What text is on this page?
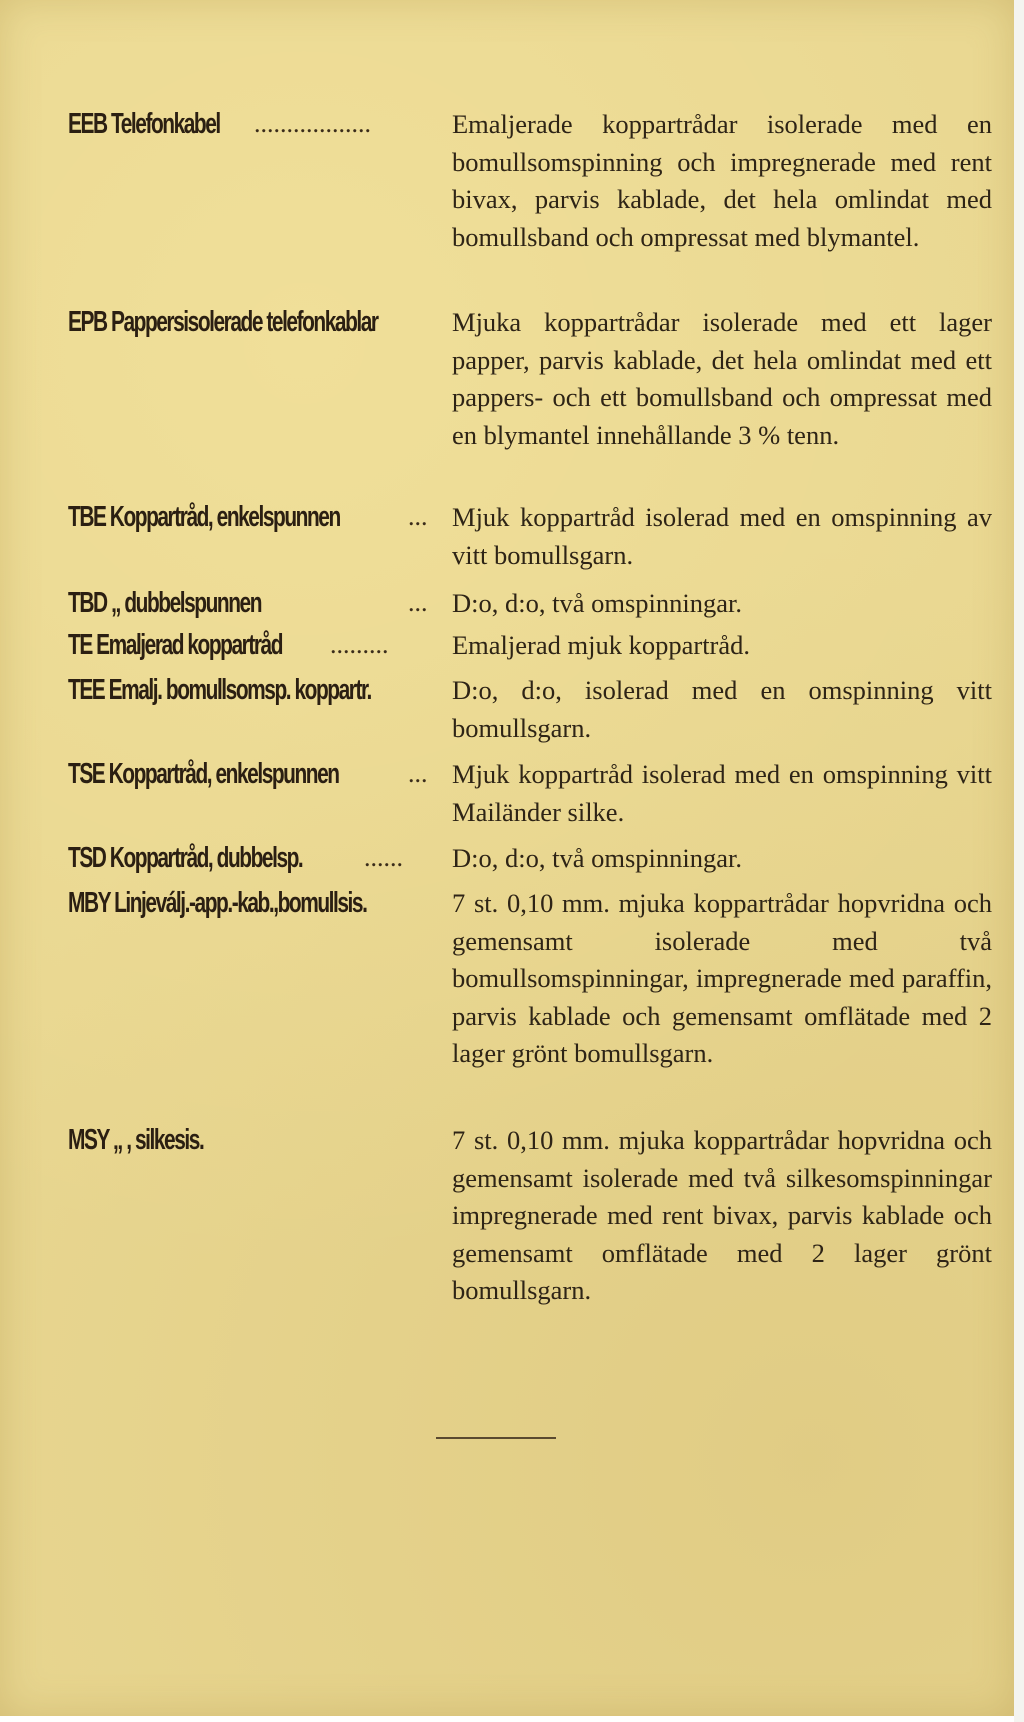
EEB Telefonkabel	..................	Emaljerade koppartrådar isolerade med en bomullsomspinning och impregnerade med rent bivax, parvis kablade, det hela omlindat med bomullsband och ompressat med blymantel.
EPB Pappersisolerade telefonkablar	Mjuka koppartrådar isolerade med ett lager papper, parvis kablade, det hela omlindat med ett pappers- och ett bomullsband och ompressat med en blymantel innehållande 3 % tenn.
TBE Koppartråd, enkelspunnen	... Mjuk koppartråd isolerad med en omspinning av vitt bomullsgarn.
TBD „ dubbelspunnen	... D:o, d:o, två omspinningar.
TE Emaljerad koppartråd	......... Emaljerad mjuk koppartråd.
TEE Emalj. bomullsomsp. koppartr.	D:o, d:o, isolerad med en omspinning vitt bomullsgarn.
TSE Koppartråd, enkelspunnen	... Mjuk koppartråd isolerad med en omspinning vitt Mailänder silke.
TSD Koppartråd, dubbelsp.	...... D:o, d:o, två omspinningar.
MBY Linjeválj.-app.-kab.,bomullsis.	7 st. 0,10 mm. mjuka koppartrådar hopvridna och gemensamt isolerade med två bomullsomspinningar, impregnerade med paraffin, parvis kablade och gemensamt omflätade med 2 lager grönt bomullsgarn.
MSY „ , silkesis.	7 st. 0,10 mm. mjuka koppartrådar hopvridna och gemensamt isolerade med två silkesomspinningar impregnerade med rent bivax, parvis kablade och gemensamt omflätade med 2 lager grönt bomullsgarn.
